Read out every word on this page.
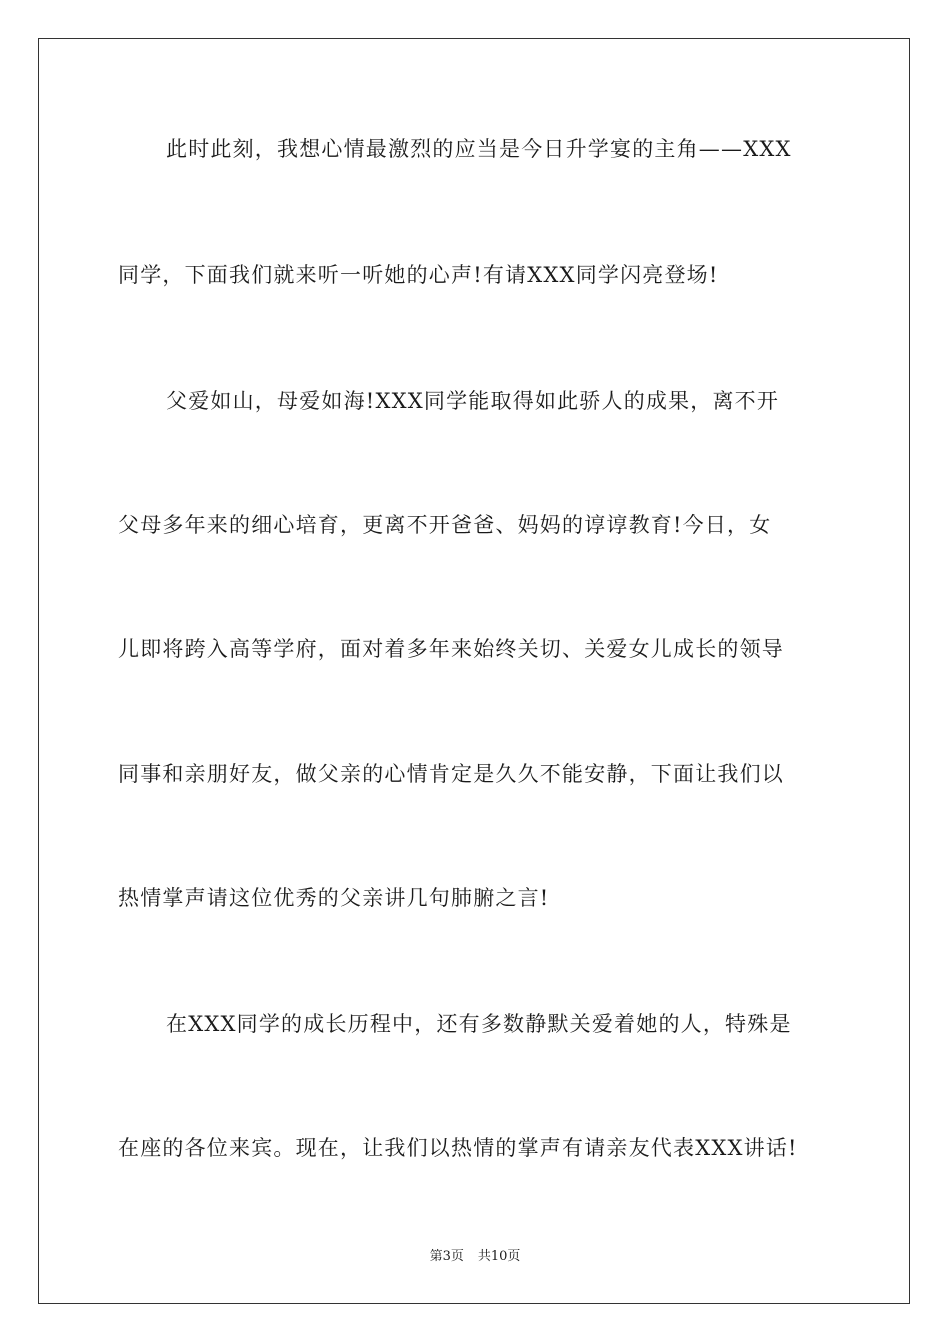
此时此刻，我想心情最激烈的应当是今日升学宴的主角——XXX
同学，下面我们就来听一听她的心声!有请XXX同学闪亮登场!
父爱如山，母爱如海!XXX同学能取得如此骄人的成果，离不开
父母多年来的细心培育，更离不开爸爸、妈妈的谆谆教育!今日，女
儿即将跨入高等学府，面对着多年来始终关切、关爱女儿成长的领导
同事和亲朋好友，做父亲的心情肯定是久久不能安静，下面让我们以
热情掌声请这位优秀的父亲讲几句肺腑之言!
在XXX同学的成长历程中，还有多数静默关爱着她的人，特殊是
在座的各位来宾。现在，让我们以热情的掌声有请亲友代表XXX讲话!
第3页 共10页
